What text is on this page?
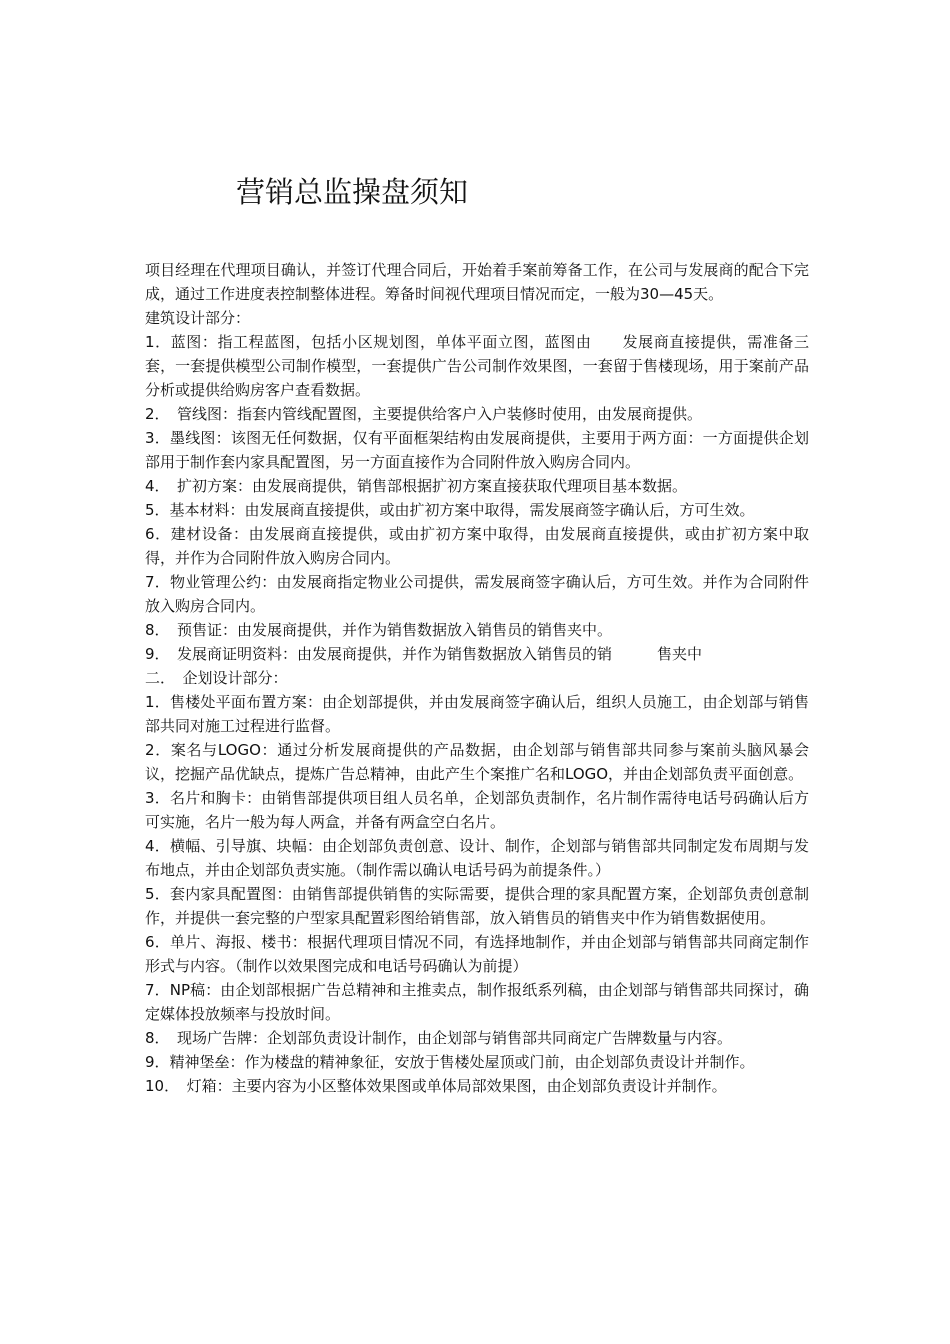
营销总监操盘须知

项目经理在代理项目确认，并签订代理合同后，开始着手案前筹备工作，在公司与发展商的配合下完成，通过工作进度表控制整体进程。筹备时间视代理项目情况而定，一般为30—45天。

建筑设计部分：

1．蓝图：指工程蓝图，包括小区规划图，单体平面立图，蓝图由　　发展商直接提供，需准备三套，一套提供模型公司制作模型，一套提供广告公司制作效果图，一套留于售楼现场，用于案前产品分析或提供给购房客户查看数据。

2．　管线图：指套内管线配置图，主要提供给客户入户装修时使用，由发展商提供。

3．墨线图：该图无任何数据，仅有平面框架结构由发展商提供，主要用于两方面：一方面提供企划部用于制作套内家具配置图，另一方面直接作为合同附件放入购房合同内。

4．　扩初方案：由发展商提供，销售部根据扩初方案直接获取代理项目基本数据。

5．基本材料：由发展商直接提供，或由扩初方案中取得，需发展商签字确认后，方可生效。

6．建材设备：由发展商直接提供，或由扩初方案中取得，由发展商直接提供，或由扩初方案中取得，并作为合同附件放入购房合同内。

7．物业管理公约：由发展商指定物业公司提供，需发展商签字确认后，方可生效。并作为合同附件放入购房合同内。

8．　预售证：由发展商提供，并作为销售数据放入销售员的销售夹中。

9．　发展商证明资料：由发展商提供，并作为销售数据放入销售员的销　　　售夹中

二．　企划设计部分：

1．售楼处平面布置方案：由企划部提供，并由发展商签字确认后，组织人员施工，由企划部与销售部共同对施工过程进行监督。

2．案名与LOGO：通过分析发展商提供的产品数据，由企划部与销售部共同参与案前头脑风暴会议，挖掘产品优缺点，提炼广告总精神，由此产生个案推广名和LOGO，并由企划部负责平面创意。

3．名片和胸卡：由销售部提供项目组人员名单，企划部负责制作，名片制作需待电话号码确认后方可实施，名片一般为每人两盒，并备有两盒空白名片。

4．横幅、引导旗、块幅：由企划部负责创意、设计、制作，企划部与销售部共同制定发布周期与发布地点，并由企划部负责实施。（制作需以确认电话号码为前提条件。）

5．套内家具配置图：由销售部提供销售的实际需要，提供合理的家具配置方案，企划部负责创意制作，并提供一套完整的户型家具配置彩图给销售部，放入销售员的销售夹中作为销售数据使用。

6．单片、海报、楼书：根据代理项目情况不同，有选择地制作，并由企划部与销售部共同商定制作形式与内容。（制作以效果图完成和电话号码确认为前提）

7．NP稿：由企划部根据广告总精神和主推卖点，制作报纸系列稿，由企划部与销售部共同探讨，确定媒体投放频率与投放时间。

8．　现场广告牌：企划部负责设计制作，由企划部与销售部共同商定广告牌数量与内容。

9．精神堡垒：作为楼盘的精神象征，安放于售楼处屋顶或门前，由企划部负责设计并制作。

10．　灯箱：主要内容为小区整体效果图或单体局部效果图，由企划部负责设计并制作。
